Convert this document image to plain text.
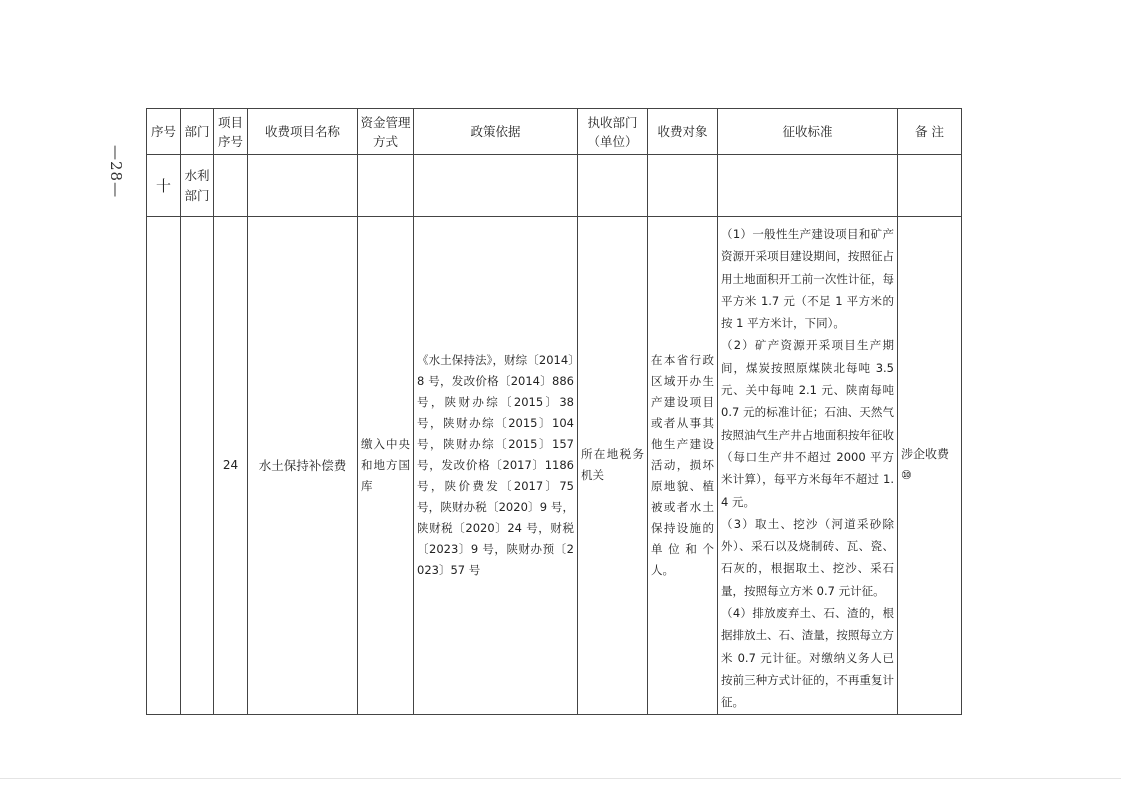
—28—
序号	部门	项目序号	收费项目名称	资金管理方式	政策依据	执收部门（单位）	收费对象	征收标准	备 注
十	水利部门								
		24	水土保持补偿费	缴入中央和地方国库	《水土保持法》，财综〔2014〕8 号，发改价格〔2014〕886 号，陕财办综〔2015〕38 号，陕财办综〔2015〕104 号，陕财办综〔2015〕157 号，发改价格〔2017〕1186 号，陕价费发〔2017〕75 号，陕财办税〔2020〕9 号，陕财税〔2020〕24 号，财税〔2023〕9 号，陕财办预〔2023〕57 号	所在地税务机关	在本省行政区域开办生产建设项目或者从事其他生产建设活动，损坏原地貌、植被或者水土保持设施的单位和个人。	（1）一般性生产建设项目和矿产资源开采项目建设期间，按照征占用土地面积开工前一次性计征，每平方米 1.7 元（不足 1 平方米的按 1 平方米计，下同）。
（2）矿产资源开采项目生产期间，煤炭按照原煤陕北每吨 3.5 元、关中每吨 2.1 元、陕南每吨 0.7 元的标准计征；石油、天然气按照油气生产井占地面积按年征收（每口生产井不超过 2000 平方米计算），每平方米每年不超过 1.4 元。
（3）取土、挖沙（河道采砂除外）、采石以及烧制砖、瓦、瓷、石灰的，根据取土、挖沙、采石量，按照每立方米 0.7 元计征。
（4）排放废弃土、石、渣的，根据排放土、石、渣量，按照每立方米 0.7 元计征。对缴纳义务人已按前三种方式计征的，不再重复计征。	涉企收费⑩
